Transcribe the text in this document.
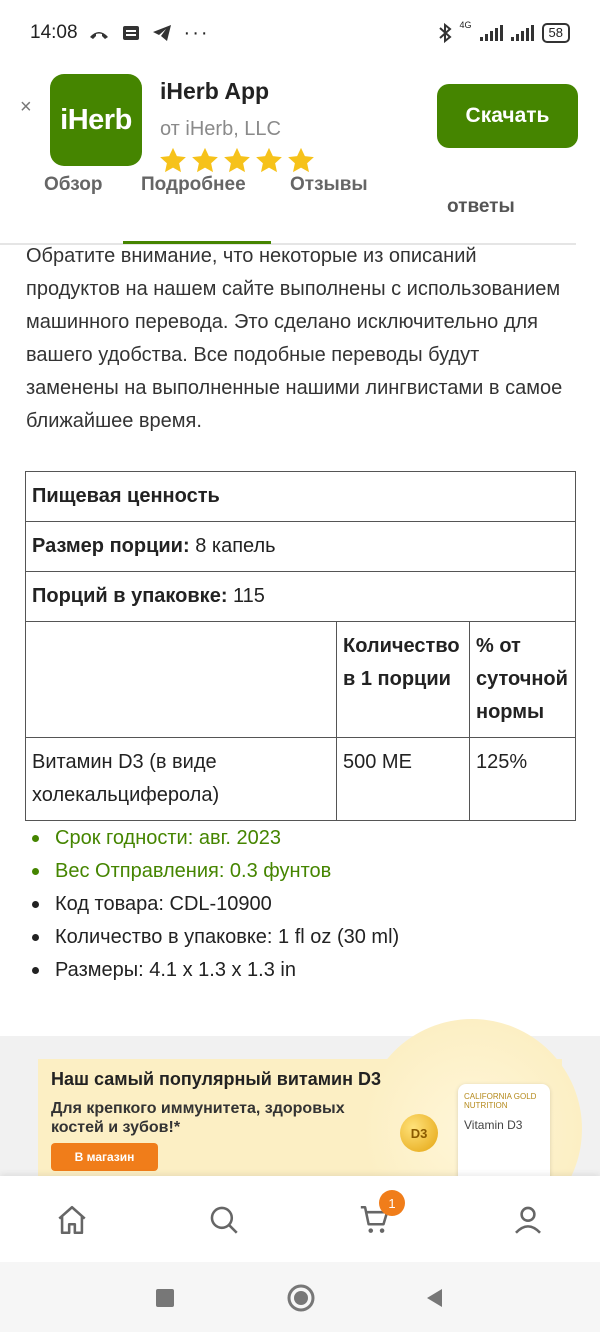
14:08	···	4G	58
× iHerb
iHerb App
от iHerb, LLC
Скачать
Обзор Подробнее Отзывы
ответы

Обратите внимание, что некоторые из описаний продуктов на нашем сайте выполнены с использованием машинного перевода. Это сделано исключительно для вашего удобства. Все подобные переводы будут заменены на выполненные нашими лингвистами в самое ближайшее время.

Пищевая ценность		
Размер порции: 8 капель		
Порций в упаковке: 115		
	Количество в 1 порции	% от суточной нормы
Витамин D3 (в виде холекальциферола)	500 МЕ	125%
Срок годности: авг. 2023
Вес Отправления: 0.3 фунтов
Код товара: CDL-10900
Количество в упаковке: 1 fl oz (30 ml)
Размеры: 4.1 x 1.3 x 1.3 in
Наш самый популярный витамин D3
Для крепкого иммунитета, здоровых костей и зубов!*
В магазин
D3
CALIFORNIA GOLD NUTRITION
Vitamin D3
1
